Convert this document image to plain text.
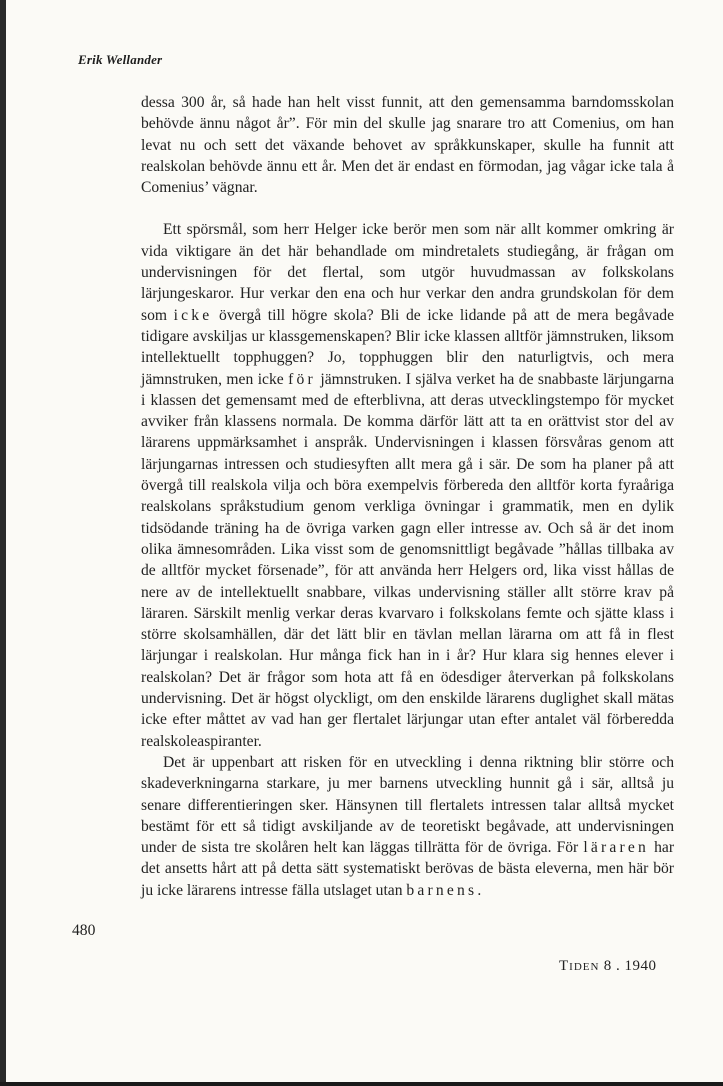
Erik Wellander

dessa 300 år, så hade han helt visst funnit, att den gemensamma barndomsskolan behövde ännu något år”. För min del skulle jag snarare tro att Comenius, om han levat nu och sett det växande behovet av språkkunskaper, skulle ha funnit att realskolan behövde ännu ett år. Men det är endast en förmodan, jag vågar icke tala å Comenius’ vägnar.

Ett spörsmål, som herr Helger icke berör men som när allt kommer omkring är vida viktigare än det här behandlade om mindretalets studiegång, är frågan om undervisningen för det flertal, som utgör huvudmassan av folkskolans lärjungeskaror. Hur verkar den ena och hur verkar den andra grundskolan för dem som icke övergå till högre skola? Bli de icke lidande på att de mera begåvade tidigare avskiljas ur klassgemenskapen? Blir icke klassen alltför jämnstruken, liksom intellektuellt topphuggen? Jo, topphuggen blir den naturligtvis, och mera jämnstruken, men icke för jämnstruken. I själva verket ha de snabbaste lärjungarna i klassen det gemensamt med de efterblivna, att deras utvecklingstempo för mycket avviker från klassens normala. De komma därför lätt att ta en orättvist stor del av lärarens uppmärksamhet i anspråk. Undervisningen i klassen försvåras genom att lärjungarnas intressen och studiesyften allt mera gå i sär. De som ha planer på att övergå till realskola vilja och böra exempelvis förbereda den alltför korta fyraåriga realskolans språkstudium genom verkliga övningar i grammatik, men en dylik tidsödande träning ha de övriga varken gagn eller intresse av. Och så är det inom olika ämnesområden. Lika visst som de genomsnittligt begåvade ”hållas tillbaka av de alltför mycket försenade”, för att använda herr Helgers ord, lika visst hållas de nere av de intellektuellt snabbare, vilkas undervisning ställer allt större krav på läraren. Särskilt menlig verkar deras kvarvaro i folkskolans femte och sjätte klass i större skolsamhällen, där det lätt blir en tävlan mellan lärarna om att få in flest lärjungar i realskolan. Hur många fick han in i år? Hur klara sig hennes elever i realskolan? Det är frågor som hota att få en ödesdiger återverkan på folkskolans undervisning. Det är högst olyckligt, om den enskilde lärarens duglighet skall mätas icke efter måttet av vad han ger flertalet lärjungar utan efter antalet väl förberedda realskoleaspiranter.

Det är uppenbart att risken för en utveckling i denna riktning blir större och skadeverkningarna starkare, ju mer barnens utveckling hunnit gå i sär, alltså ju senare differentieringen sker. Hänsynen till flertalets intressen talar alltså mycket bestämt för ett så tidigt avskiljande av de teoretiskt begåvade, att undervisningen under de sista tre skolåren helt kan läggas tillrätta för de övriga. För läraren har det ansetts hårt att på detta sätt systematiskt berövas de bästa eleverna, men här bör ju icke lärarens intresse fälla utslaget utan barnens.

480
Tiden 8 . 1940
